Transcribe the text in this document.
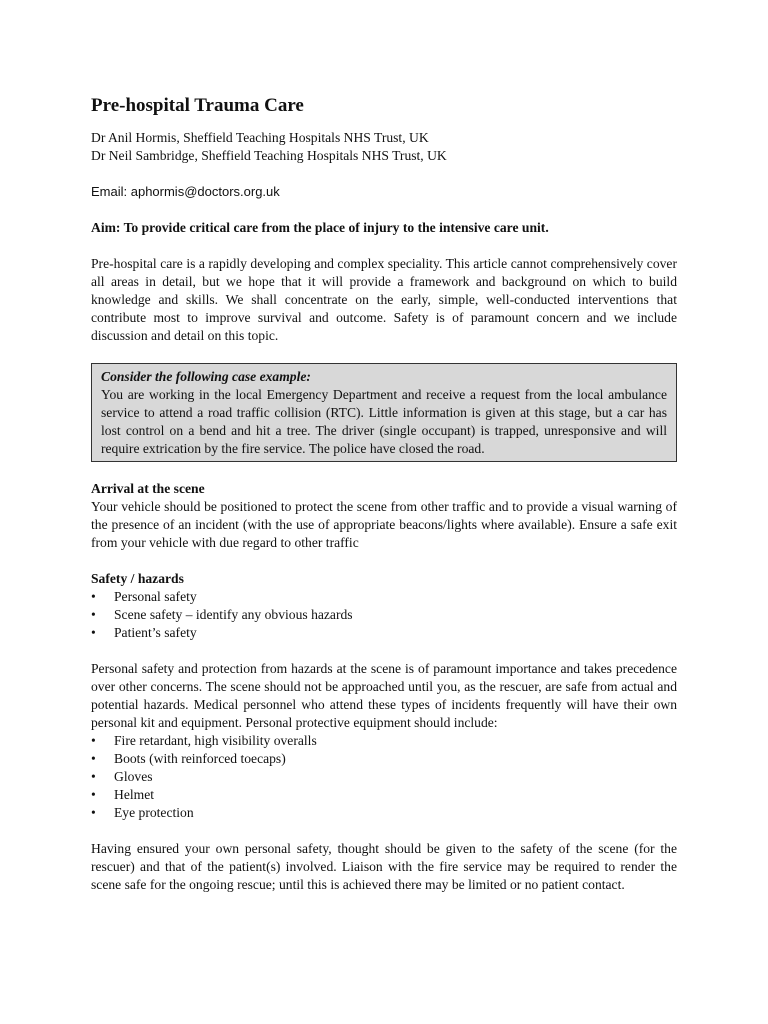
Pre-hospital Trauma Care

Dr Anil Hormis, Sheffield Teaching Hospitals NHS Trust, UK

Dr Neil Sambridge, Sheffield Teaching Hospitals NHS Trust, UK

Email: aphormis@doctors.org.uk

Aim: To provide critical care from the place of injury to the intensive care unit.

Pre-hospital care is a rapidly developing and complex speciality. This article cannot comprehensively cover all areas in detail, but we hope that it will provide a framework and background on which to build knowledge and skills. We shall concentrate on the early, simple, well-conducted interventions that contribute most to improve survival and outcome. Safety is of paramount concern and we include discussion and detail on this topic.

Consider the following case example:

You are working in the local Emergency Department and receive a request from the local ambulance service to attend a road traffic collision (RTC). Little information is given at this stage, but a car has lost control on a bend and hit a tree. The driver (single occupant) is trapped, unresponsive and will require extrication by the fire service. The police have closed the road.

Arrival at the scene

Your vehicle should be positioned to protect the scene from other traffic and to provide a visual warning of the presence of an incident (with the use of appropriate beacons/lights where available). Ensure a safe exit from your vehicle with due regard to other traffic

Safety / hazards

• Personal safety
• Scene safety – identify any obvious hazards
• Patient’s safety

Personal safety and protection from hazards at the scene is of paramount importance and takes precedence over other concerns. The scene should not be approached until you, as the rescuer, are safe from actual and potential hazards. Medical personnel who attend these types of incidents frequently will have their own personal kit and equipment. Personal protective equipment should include:

• Fire retardant, high visibility overalls
• Boots (with reinforced toecaps)
• Gloves
• Helmet
• Eye protection

Having ensured your own personal safety, thought should be given to the safety of the scene (for the rescuer) and that of the patient(s) involved. Liaison with the fire service may be required to render the scene safe for the ongoing rescue; until this is achieved there may be limited or no patient contact.
